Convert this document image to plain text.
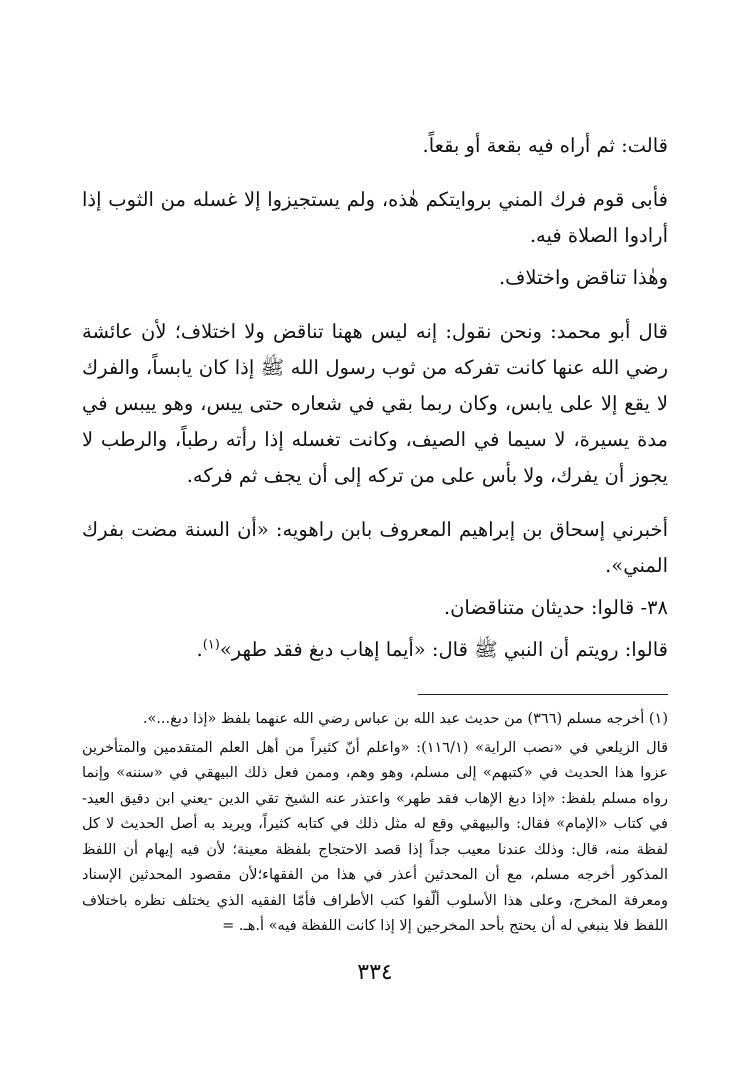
قالت: ثم أراه فيه بقعة أو بقعاً.

فأبى قوم فرك المني بروايتكم هٰذه، ولم يستجيزوا إلا غسله من الثوب إذا أرادوا الصلاة فيه.

وهٰذا تناقض واختلاف.

قال أبو محمد: ونحن نقول: إنه ليس ههنا تناقض ولا اختلاف؛ لأن عائشة رضي الله عنها كانت تفركه من ثوب رسول الله ﷺ إذا كان يابساً، والفرك لا يقع إلا على يابس، وكان ربما بقي في شعاره حتى ييس، وهو ييبس في مدة يسيرة، لا سيما في الصيف، وكانت تغسله إذا رأته رطباً، والرطب لا يجوز أن يفرك، ولا بأس على من تركه إلى أن يجف ثم فركه.

أخبرني إسحاق بن إبراهيم المعروف بابن راهويه: «أن السنة مضت بفرك المني».

٣٨- قالوا: حديثان متناقضان.

قالوا: رويتم أن النبي ﷺ قال: «أيما إهاب دبغ فقد طهر»$^{(١)}$.

(١) أخرجه مسلم (٣٦٦) من حديث عبد الله بن عباس رضي الله عنهما بلفظ «إذا دبغ...».

قال الزيلعي في «نصب الراية» (١١٦/١): «واعلم أنّ كثيراً من أهل العلم المتقدمين والمتأخرين عزوا هذا الحديث في «كتبهم» إلى مسلم، وهو وهم، وممن فعل ذلك البيهقي في «سننه» وإنما رواه مسلم بلفظ: «إذا دبغ الإهاب فقد طهر» واعتذر عنه الشيخ تقي الدين -يعني ابن دقيق العيد- في كتاب «الإمام» فقال: والبيهقي وقع له مثل ذلك في كتابه كثيراً، ويريد به أصل الحديث لا كل لفظة منه، قال: وذلك عندنا معيب جداً إذا قصد الاحتجاج بلفظة معينة؛ لأن فيه إيهام أن اللفظ المذكور أخرجه مسلم، مع أن المحدثين أعذر في هذا من الفقهاء؛لأن مقصود المحدثين الإسناد ومعرفة المخرج، وعلى هذا الأسلوب ألّفوا كتب الأطراف فأمّا الفقيه الذي يختلف نظره باختلاف اللفظ فلا ينبغي له أن يحتج بأحد المخرجين إلا إذا كانت اللفظة فيه» أ.هـ. =

٣٣٤
